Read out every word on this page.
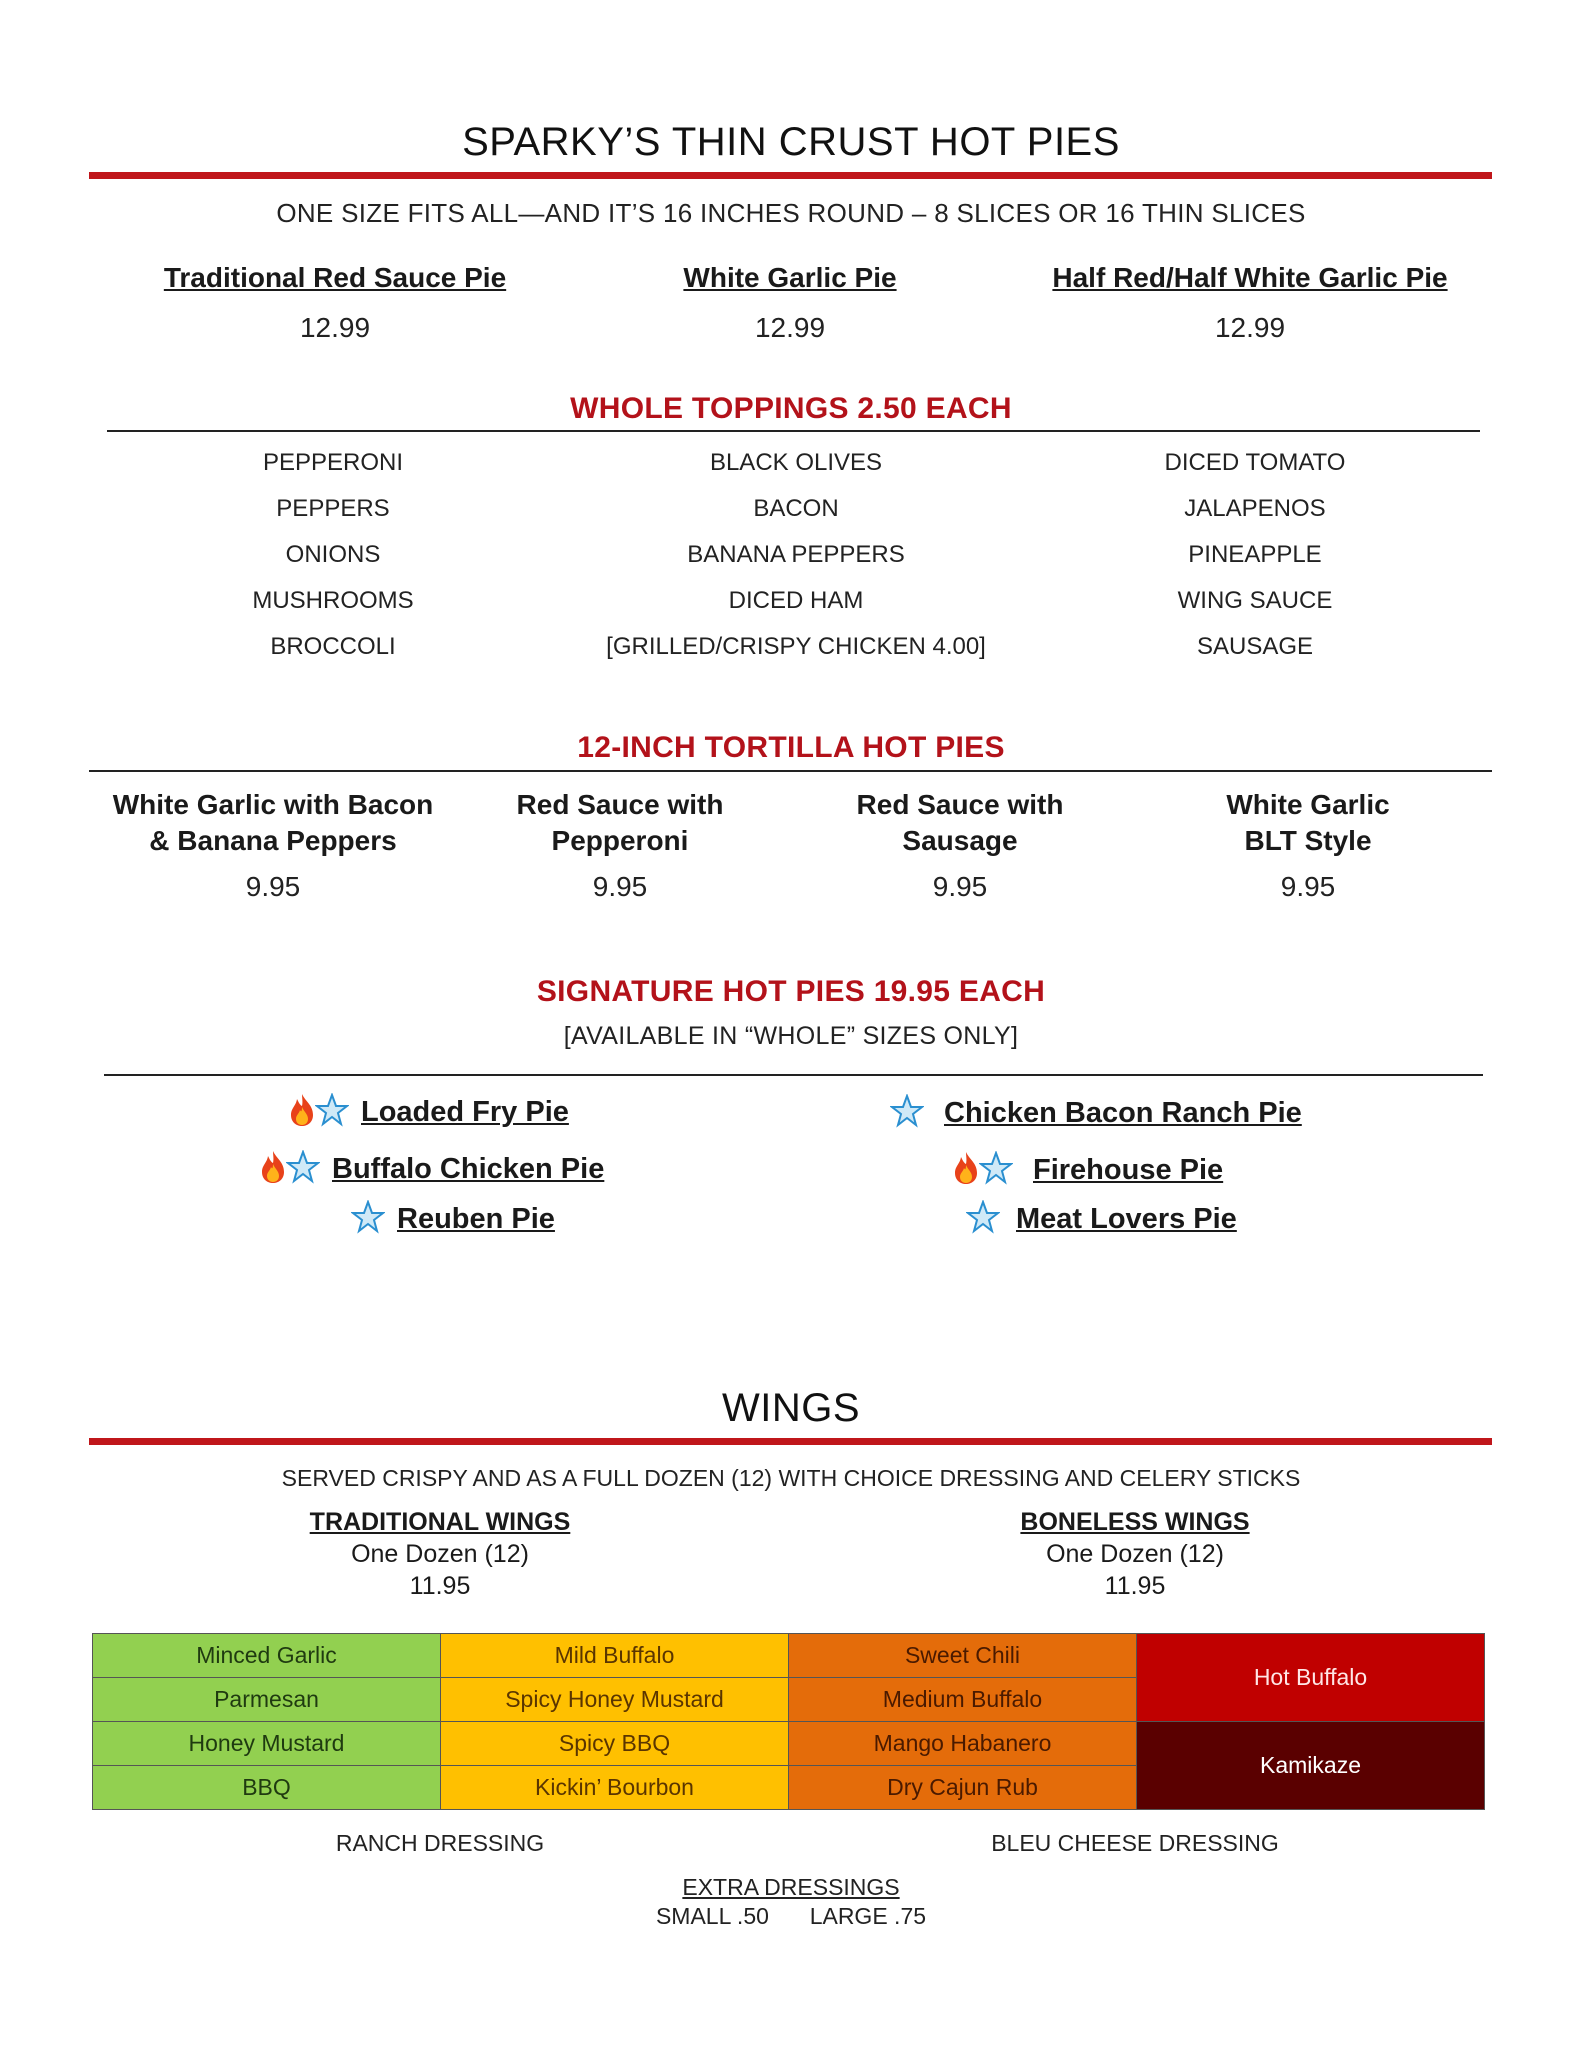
SPARKY’S THIN CRUST HOT PIES
ONE SIZE FITS ALL—AND IT’S 16 INCHES ROUND – 8 SLICES OR 16 THIN SLICES
Traditional Red Sauce Pie
12.99
White Garlic Pie
12.99
Half Red/Half White Garlic Pie
12.99
WHOLE TOPPINGS 2.50 EACH
PEPPERONI
PEPPERS
ONIONS
MUSHROOMS
BROCCOLI
BLACK OLIVES
BACON
BANANA PEPPERS
DICED HAM
[GRILLED/CRISPY CHICKEN 4.00]
DICED TOMATO
JALAPENOS
PINEAPPLE
WING SAUCE
SAUSAGE
12-INCH TORTILLA HOT PIES
White Garlic with Bacon
& Banana Peppers
9.95
Red Sauce with
Pepperoni
9.95
Red Sauce with
Sausage
9.95
White Garlic
BLT Style
9.95
SIGNATURE HOT PIES 19.95 EACH
[AVAILABLE IN “WHOLE” SIZES ONLY]
Loaded Fry Pie
Buffalo Chicken Pie
Reuben Pie
Chicken Bacon Ranch Pie
Firehouse Pie
Meat Lovers Pie
WINGS
SERVED CRISPY AND AS A FULL DOZEN (12) WITH CHOICE DRESSING AND CELERY STICKS
TRADITIONAL WINGS
One Dozen (12)
11.95
BONELESS WINGS
One Dozen (12)
11.95
Minced Garlic	Mild Buffalo	Sweet Chili	Hot Buffalo
Parmesan	Spicy Honey Mustard	Medium Buffalo	
Honey Mustard	Spicy BBQ	Mango Habanero	Kamikaze
BBQ	Kickin’ Bourbon	Dry Cajun Rub	
RANCH DRESSING	BLEU CHEESE DRESSING
EXTRA DRESSINGS
SMALL .50 LARGE .75
